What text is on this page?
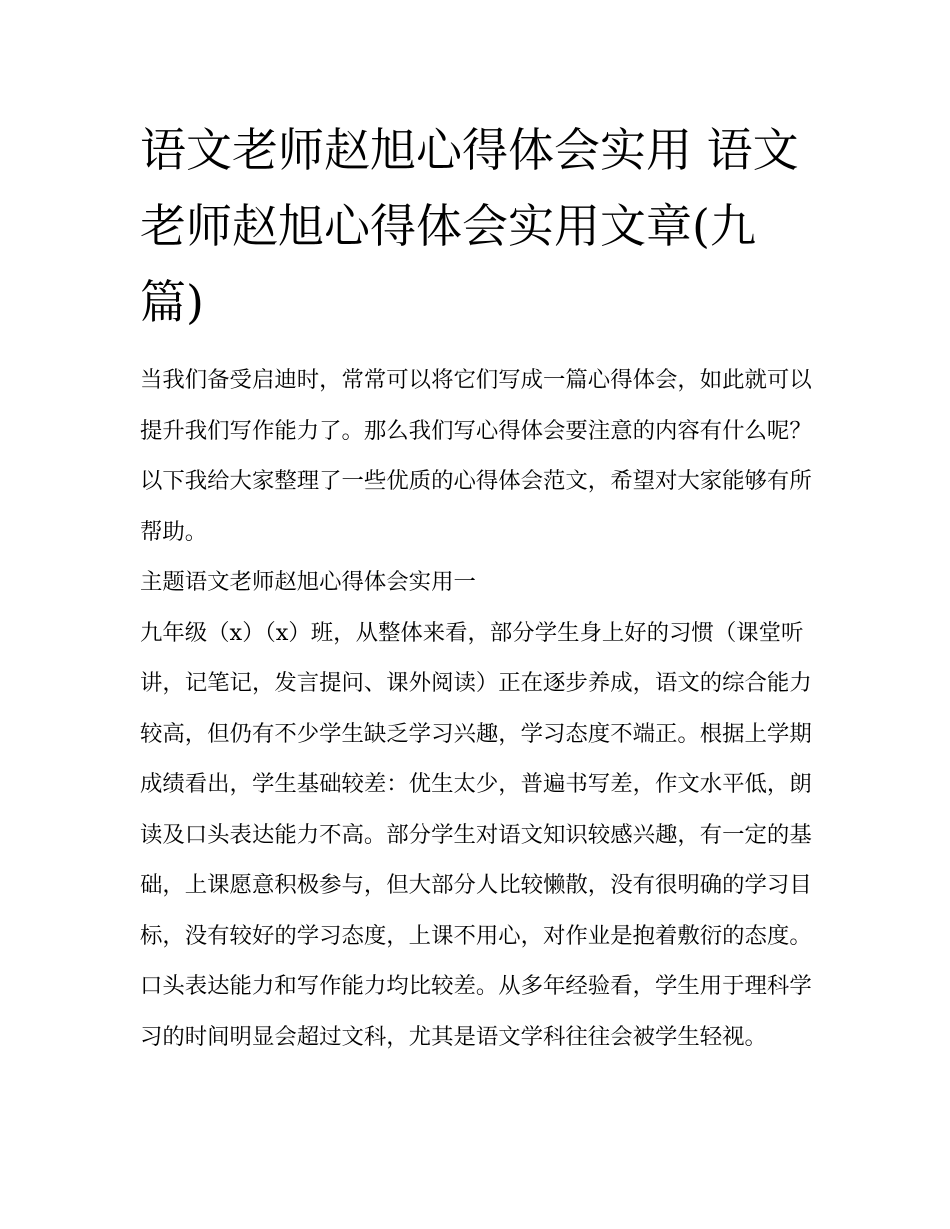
语文老师赵旭心得体会实用 语文老师赵旭心得体会实用文章(九篇)

当我们备受启迪时，常常可以将它们写成一篇心得体会，如此就可以提升我们写作能力了。那么我们写心得体会要注意的内容有什么呢？以下我给大家整理了一些优质的心得体会范文，希望对大家能够有所帮助。

主题语文老师赵旭心得体会实用一

九年级（x）（x）班，从整体来看，部分学生身上好的习惯（课堂听讲，记笔记，发言提问、课外阅读）正在逐步养成，语文的综合能力较高，但仍有不少学生缺乏学习兴趣，学习态度不端正。根据上学期成绩看出，学生基础较差：优生太少，普遍书写差，作文水平低，朗读及口头表达能力不高。部分学生对语文知识较感兴趣，有一定的基础，上课愿意积极参与，但大部分人比较懒散，没有很明确的学习目标，没有较好的学习态度，上课不用心，对作业是抱着敷衍的态度。口头表达能力和写作能力均比较差。从多年经验看，学生用于理科学习的时间明显会超过文科，尤其是语文学科往往会被学生轻视。
